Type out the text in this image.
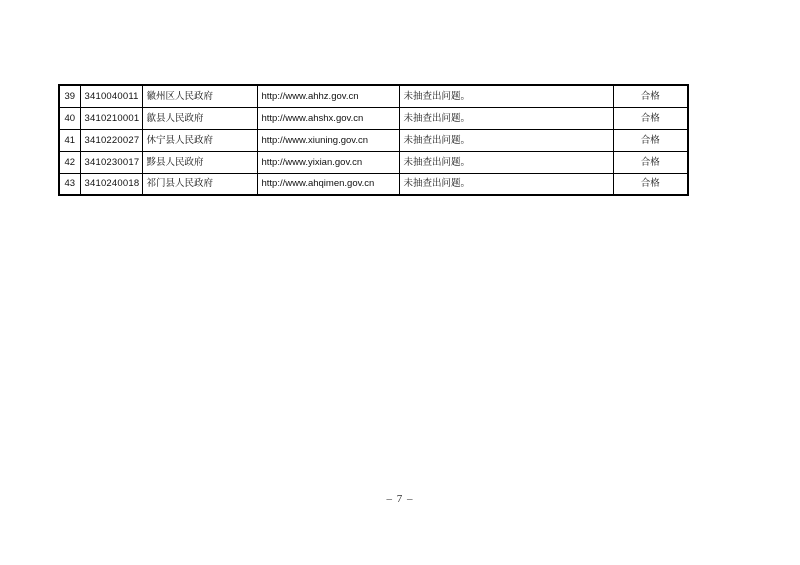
39	3410040011	徽州区人民政府	http://www.ahhz.gov.cn	未抽查出问题。	合格
40	3410210001	歙县人民政府	http://www.ahshx.gov.cn	未抽查出问题。	合格
41	3410220027	休宁县人民政府	http://www.xiuning.gov.cn	未抽查出问题。	合格
42	3410230017	黟县人民政府	http://www.yixian.gov.cn	未抽查出问题。	合格
43	3410240018	祁门县人民政府	http://www.ahqimen.gov.cn	未抽查出问题。	合格
– 7 –
